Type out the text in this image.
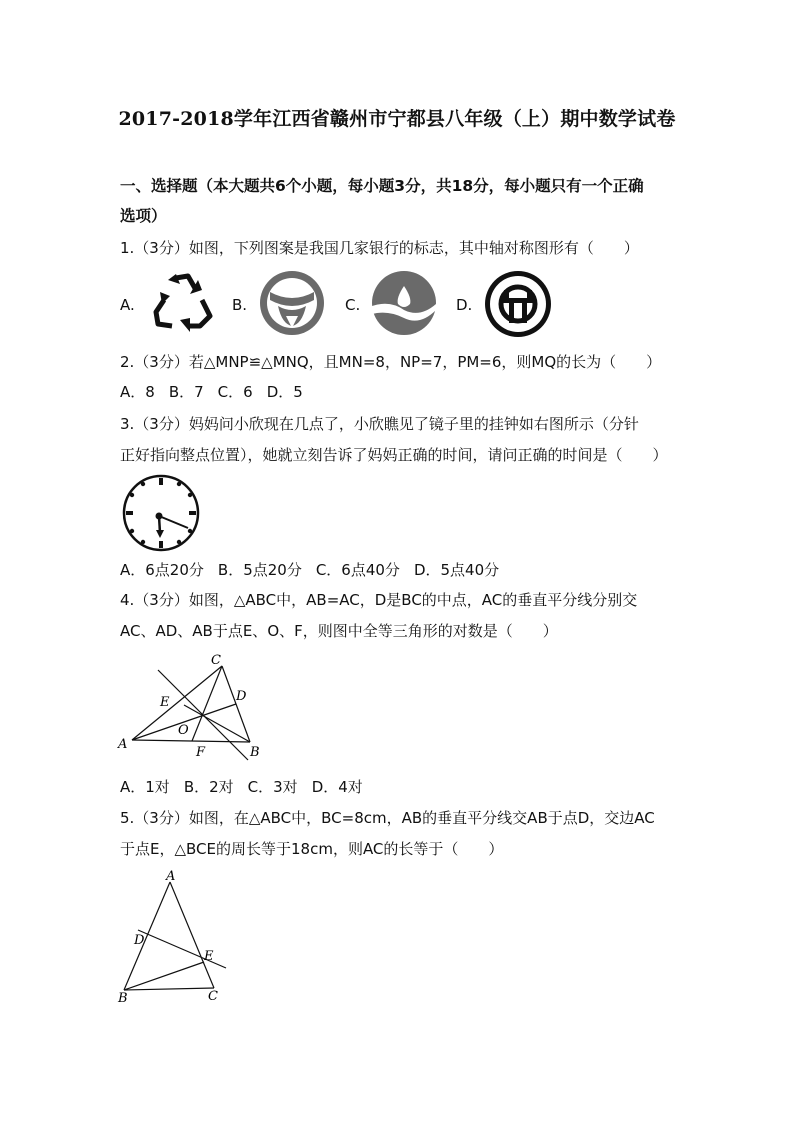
2017-2018学年江西省赣州市宁都县八年级（上）期中数学试卷
一、选择题（本大题共6个小题，每小题3分，共18分，每小题只有一个正确
选项）
1.（3分）如图，下列图案是我国几家银行的标志，其中轴对称图形有（　　）
A.	B.	C.	D.
2.（3分）若△MNP≌△MNQ，且MN=8，NP=7，PM=6，则MQ的长为（　　）
A．8 B．7 C．6 D．5
3.（3分）妈妈问小欣现在几点了，小欣瞧见了镜子里的挂钟如右图所示（分针
正好指向整点位置），她就立刻告诉了妈妈正确的时间，请问正确的时间是（　　）
A．6点20分 B．5点20分 C．6点40分 D．5点40分
4.（3分）如图，△ABC中，AB=AC，D是BC的中点，AC的垂直平分线分别交
AC、AD、AB于点E、O、F，则图中全等三角形的对数是（　　）
A
B
C
D
E
O
F
A．1对 B．2对 C．3对 D．4对
5.（3分）如图，在△ABC中，BC=8cm，AB的垂直平分线交AB于点D，交边AC
于点E，△BCE的周长等于18cm，则AC的长等于（　　）
A
B	C
D
E
